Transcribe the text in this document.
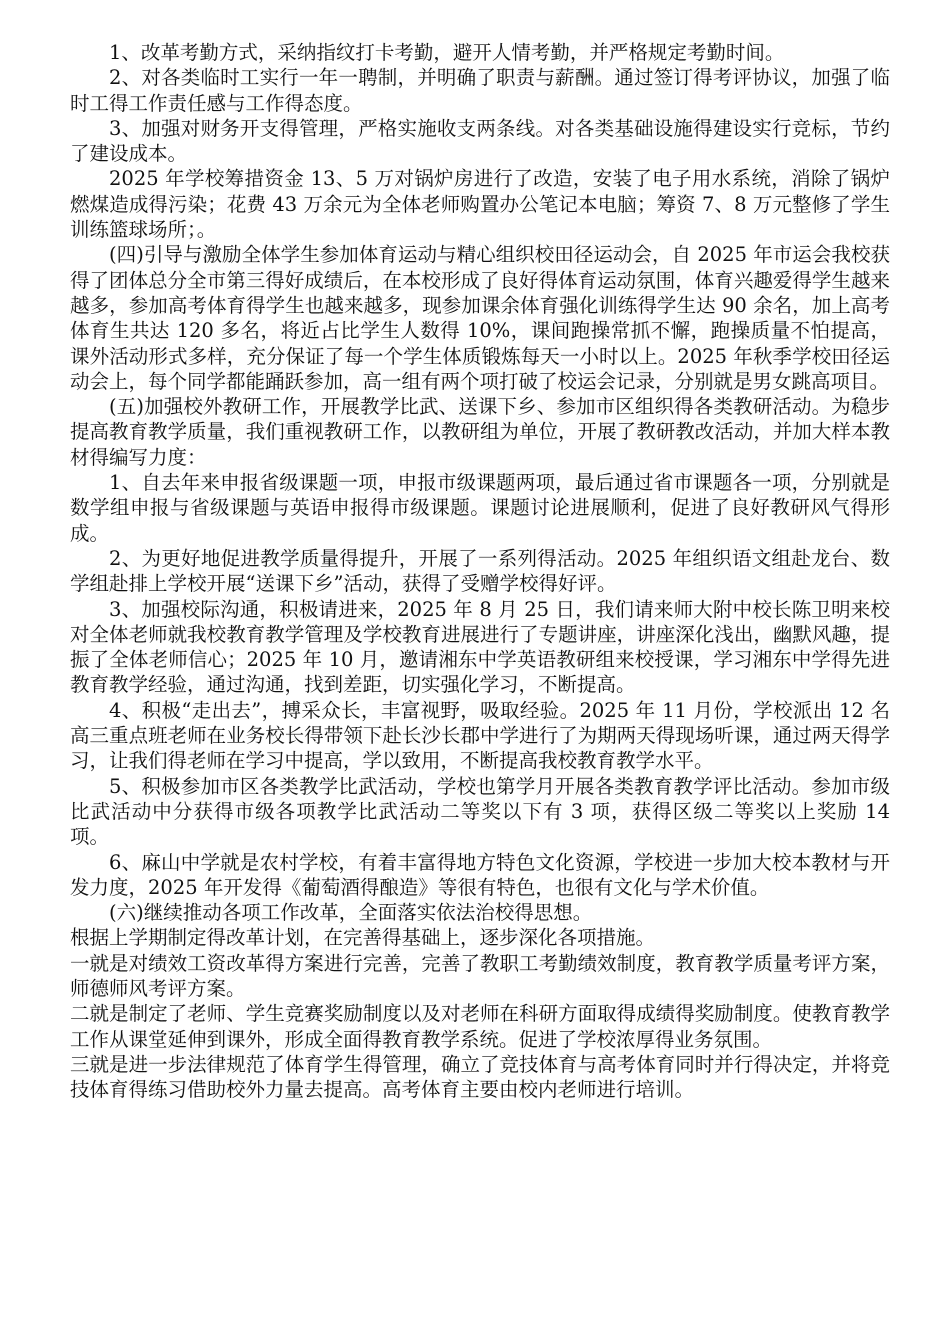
1、改革考勤方式，采纳指纹打卡考勤，避开人情考勤，并严格规定考勤时间。

2、对各类临时工实行一年一聘制，并明确了职责与薪酬。通过签订得考评协议，加强了临时工得工作责任感与工作得态度。

3、加强对财务开支得管理，严格实施收支两条线。对各类基础设施得建设实行竞标，节约了建设成本。

2025 年学校筹措资金 13、5 万对锅炉房进行了改造，安装了电子用水系统，消除了锅炉燃煤造成得污染；花费 43 万余元为全体老师购置办公笔记本电脑；筹资 7、8 万元整修了学生训练篮球场所；。

(四)引导与激励全体学生参加体育运动与精心组织校田径运动会，自 2025 年市运会我校获得了团体总分全市第三得好成绩后，在本校形成了良好得体育运动氛围，体育兴趣爱得学生越来越多，参加高考体育得学生也越来越多，现参加课余体育强化训练得学生达 90 余名，加上高考体育生共达 120 多名，将近占比学生人数得 10%，课间跑操常抓不懈，跑操质量不怕提高，课外活动形式多样，充分保证了每一个学生体质锻炼每天一小时以上。2025 年秋季学校田径运动会上，每个同学都能踊跃参加，高一组有两个项打破了校运会记录，分别就是男女跳高项目。

(五)加强校外教研工作，开展教学比武、送课下乡、参加市区组织得各类教研活动。为稳步提高教育教学质量，我们重视教研工作，以教研组为单位，开展了教研教改活动，并加大样本教材得编写力度：

1、自去年来申报省级课题一项，申报市级课题两项，最后通过省市课题各一项，分别就是数学组申报与省级课题与英语申报得市级课题。课题讨论进展顺利，促进了良好教研风气得形成。

2、为更好地促进教学质量得提升，开展了一系列得活动。2025 年组织语文组赴龙台、数学组赴排上学校开展“送课下乡”活动，获得了受赠学校得好评。

3、加强校际沟通，积极请进来，2025 年 8 月 25 日，我们请来师大附中校长陈卫明来校对全体老师就我校教育教学管理及学校教育进展进行了专题讲座，讲座深化浅出，幽默风趣，提振了全体老师信心；2025 年 10 月，邀请湘东中学英语教研组来校授课，学习湘东中学得先进教育教学经验，通过沟通，找到差距，切实强化学习，不断提高。

4、积极“走出去”，搏采众长，丰富视野，吸取经验。2025 年 11 月份，学校派出 12 名高三重点班老师在业务校长得带领下赴长沙长郡中学进行了为期两天得现场听课，通过两天得学习，让我们得老师在学习中提高，学以致用，不断提高我校教育教学水平。

5、积极参加市区各类教学比武活动，学校也第学月开展各类教育教学评比活动。参加市级比武活动中分获得市级各项教学比武活动二等奖以下有 3 项，获得区级二等奖以上奖励 14 项。

6、麻山中学就是农村学校，有着丰富得地方特色文化资源，学校进一步加大校本教材与开发力度，2025 年开发得《葡萄酒得酿造》等很有特色，也很有文化与学术价值。

(六)继续推动各项工作改革，全面落实依法治校得思想。

根据上学期制定得改革计划，在完善得基础上，逐步深化各项措施。

一就是对绩效工资改革得方案进行完善，完善了教职工考勤绩效制度，教育教学质量考评方案，师德师风考评方案。

二就是制定了老师、学生竞赛奖励制度以及对老师在科研方面取得成绩得奖励制度。使教育教学工作从课堂延伸到课外，形成全面得教育教学系统。促进了学校浓厚得业务氛围。

三就是进一步法律规范了体育学生得管理，确立了竞技体育与高考体育同时并行得决定，并将竞技体育得练习借助校外力量去提高。高考体育主要由校内老师进行培训。
